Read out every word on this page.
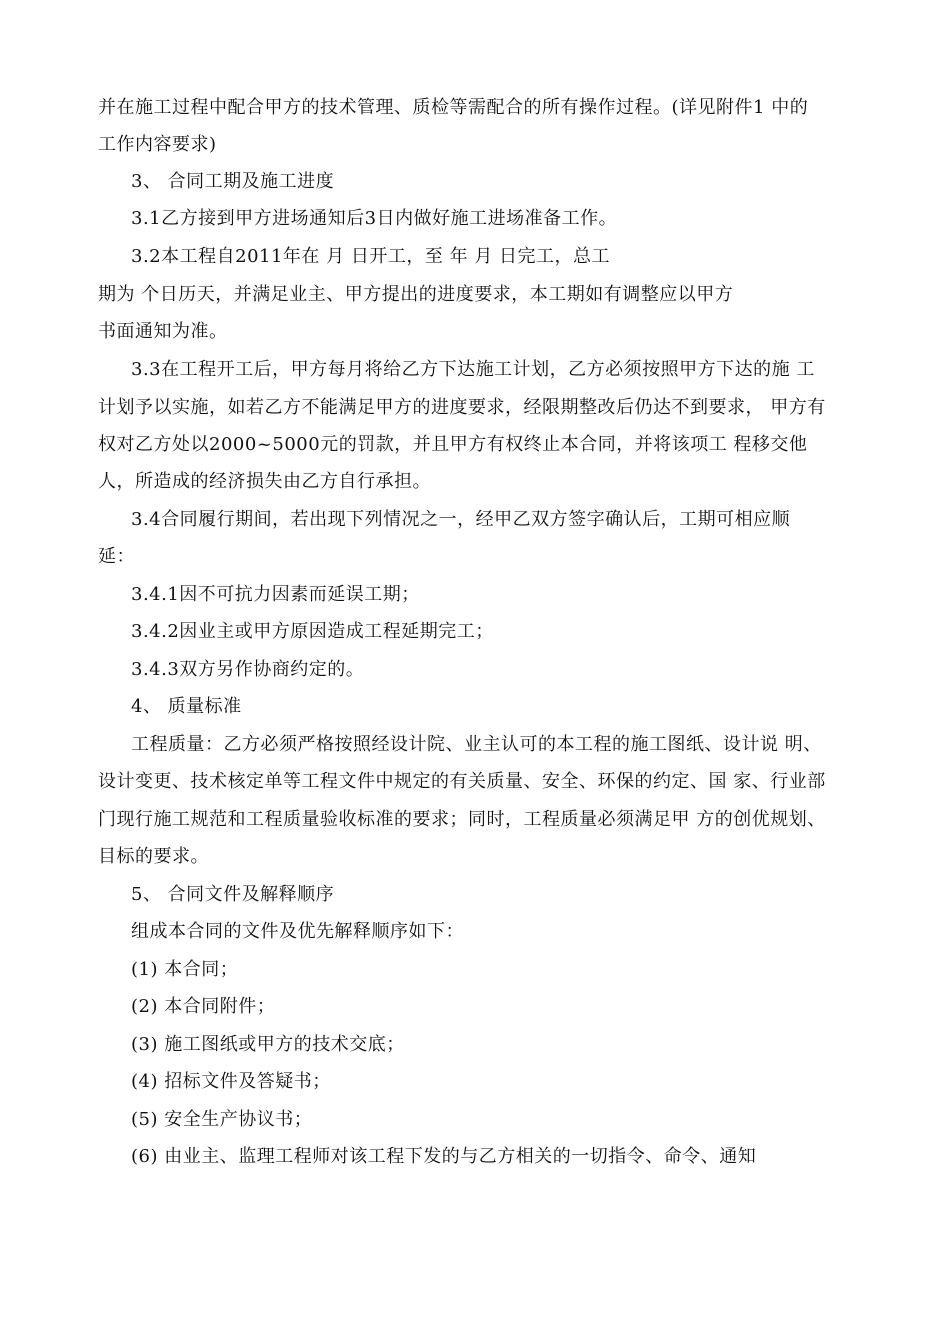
并在施工过程中配合甲方的技术管理、质检等需配合的所有操作过程。(详见附件1 中的

工作内容要求)

3、 合同工期及施工进度

3.1乙方接到甲方进场通知后3日内做好施工进场准备工作。

3.2本工程自2011年在 月 日开工，至 年 月 日完工，总工

期为 个日历天，并满足业主、甲方提出的进度要求，本工期如有调整应以甲方

书面通知为准。

3.3在工程开工后，甲方每月将给乙方下达施工计划，乙方必须按照甲方下达的施 工

计划予以实施，如若乙方不能满足甲方的进度要求，经限期整改后仍达不到要求， 甲方有

权对乙方处以2000~5000元的罚款，并且甲方有权终止本合同，并将该项工 程移交他

人，所造成的经济损失由乙方自行承担。

3.4合同履行期间，若出现下列情况之一，经甲乙双方签字确认后，工期可相应顺

延：

3.4.1因不可抗力因素而延误工期；

3.4.2因业主或甲方原因造成工程延期完工；

3.4.3双方另作协商约定的。

4、 质量标准

工程质量：乙方必须严格按照经设计院、业主认可的本工程的施工图纸、设计说 明、

设计变更、技术核定单等工程文件中规定的有关质量、安全、环保的约定、国 家、行业部

门现行施工规范和工程质量验收标准的要求；同时，工程质量必须满足甲 方的创优规划、

目标的要求。

5、 合同文件及解释顺序

组成本合同的文件及优先解释顺序如下：

(1) 本合同；

(2) 本合同附件；

(3) 施工图纸或甲方的技术交底；

(4) 招标文件及答疑书；

(5) 安全生产协议书；

(6) 由业主、监理工程师对该工程下发的与乙方相关的一切指令、命令、通知
